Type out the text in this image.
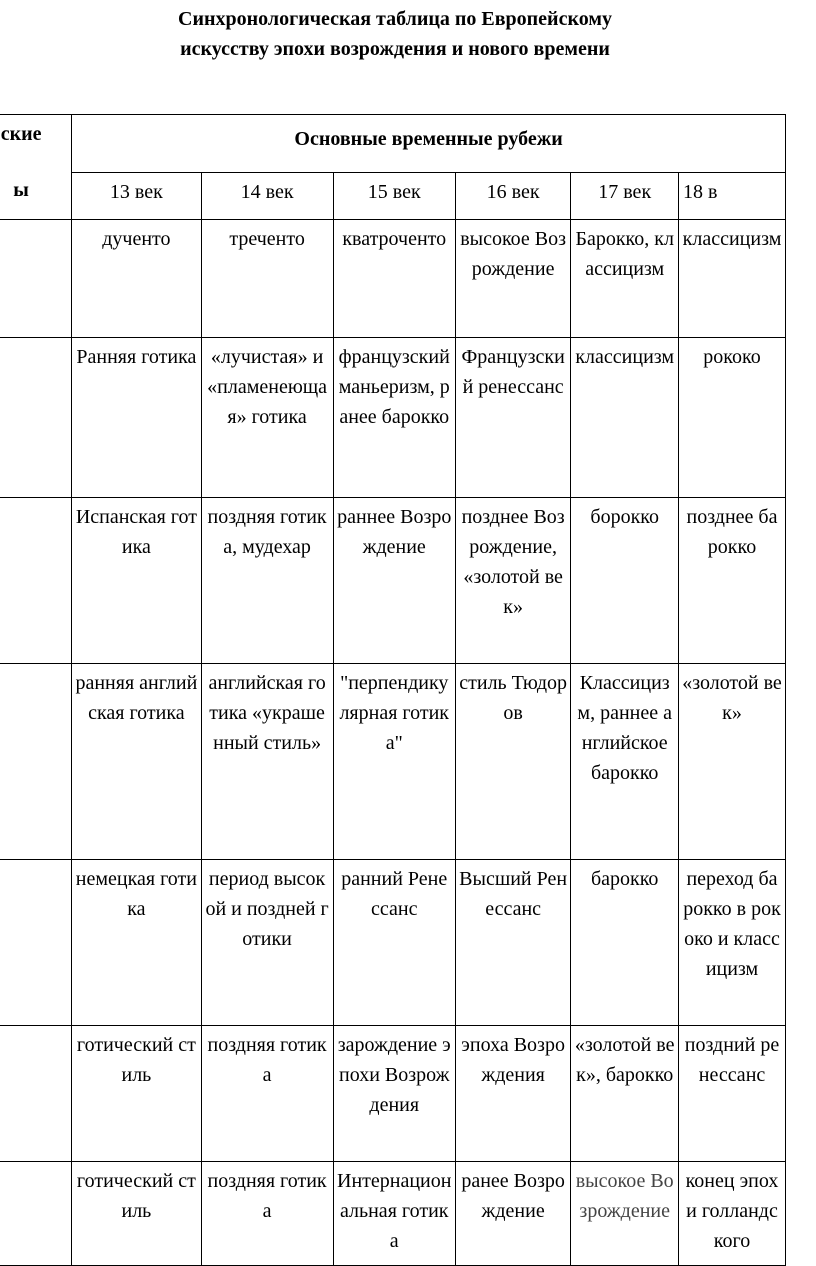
Синхронологическая таблица по Европейскому
искусству эпохи возрождения и нового времени
ские
ы	Основные временные рубежи					
	13 век	14 век	15 век	16 век	17 век	18 в
	дученто	треченто	кватроченто	высокое Возрождение	Барокко, классицизм	классицизм
	Ранняя готика	«лучистая» и «пламенеющая» готика	французский маньеризм, ранее барокко	Французский ренессанс	классицизм	рококо
	Испанская готика	поздняя готика, мудехар	раннее Возрождение	позднее Возрождение, «золотой век»	борокко	позднее барокко
	ранняя английская готика	английская готика «украшенный стиль»	"перпендикулярная готика"	стиль Тюдоров	Классицизм, раннее английское барокко	«золотой век»
	немецкая готика	период высокой и поздней готики	ранний Ренессанс	Высший Ренессанс	барокко	переход барокко в рококо и классицизм
	готический стиль	поздняя готика	зарождение эпохи Возрождения	эпоха Возрождения	«золотой век», барокко	поздний ренессанс
	готический стиль	поздняя готика	Интернациональная готика	ранее Возрождение	высокое Возрождение	конец эпохи голландского
